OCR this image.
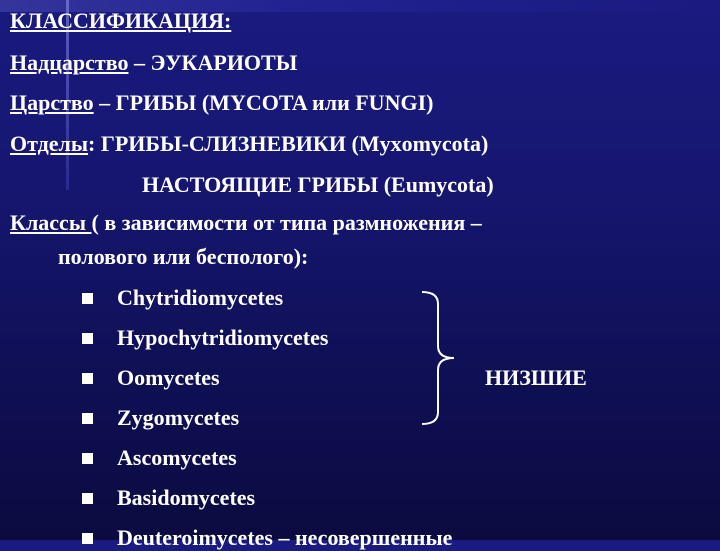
КЛАССИФИКАЦИЯ:
Надцарство – ЭУКАРИОТЫ
Царство – ГРИБЫ (MYCOTA или FUNGI)
Отделы: ГРИБЫ-СЛИЗНЕВИКИ (Myxomycota)
НАСТОЯЩИЕ ГРИБЫ (Eumycota)
Классы ( в зависимости от типа размножения –
полового или бесполого):
Chytridiomycetes
Hypochytridiomycetes
Oomycetes
Zygomycetes
Ascomycetes
Basidomycetes
Deuteroimycetes – несовершенные
НИЗШИЕ
